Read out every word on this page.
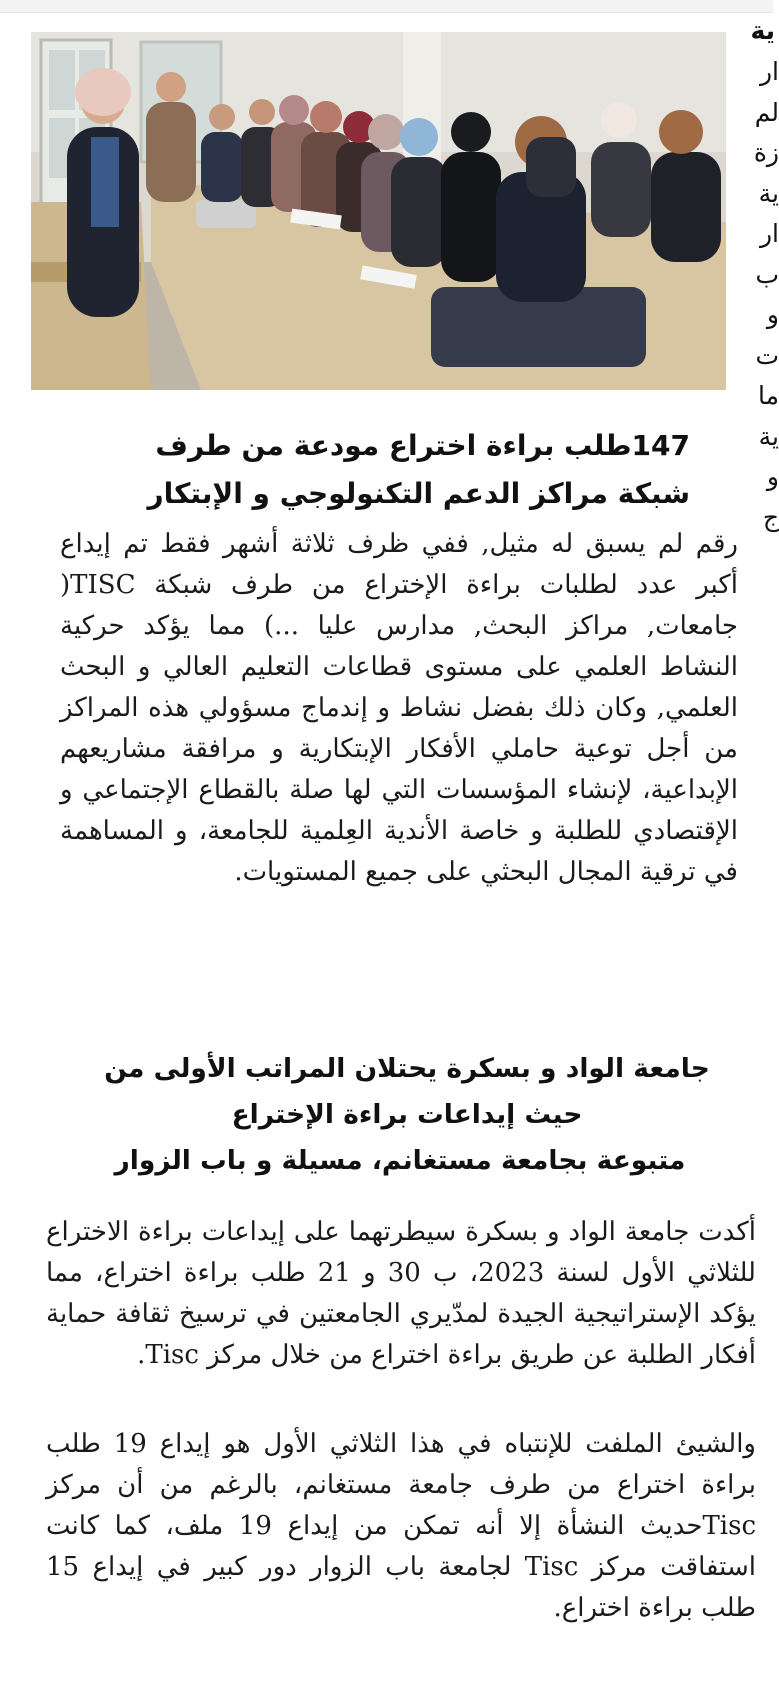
ية
ار
لم
زة
ية
ار
ب
و
ت
ما
ية
و
ج
147طلب براءة اختراع مودعة من طرف
شبكة مراكز الدعم التكنولوجي و الإبتكار

رقم لم يسبق له مثيل, ففي ظرف ثلاثة أشهر فقط تم إيداع أكبر عدد لطلبات براءة الإختراع من طرف شبكة TISC( جامعات, مراكز البحث, مدارس عليا ...) مما يؤكد حركية النشاط العلمي على مستوى قطاعات التعليم العالي و البحث العلمي, وكان ذلك بفضل نشاط و إندماج مسؤولي هذه المراكز من أجل توعية حاملي الأفكار الإبتكارية و مرافقة مشاريعهم الإبداعية، لإنشاء المؤسسات التي لها صلة بالقطاع الإجتماعي و الإقتصادي للطلبة و خاصة الأندية العِلمية للجامعة، و المساهمة في ترقية المجال البحثي على جميع المستويات.

جامعة الواد و بسكرة يحتلان المراتب الأولى من
حيث إيداعات براءة الإختراع
متبوعة بجامعة مستغانم، مسيلة و باب الزوار

أكدت جامعة الواد و بسكرة سيطرتهما على إيداعات براءة الاختراع للثلاثي الأول لسنة 2023، ب 30 و 21 طلب براءة اختراع، مما يؤكد الإستراتيجية الجيدة لمدّيري الجامعتين في ترسيخ ثقافة حماية أفكار الطلبة عن طريق براءة اختراع من خلال مركز Tisc.

والشيئ الملفت للإنتباه في هذا الثلاثي الأول هو إيداع 19 طلب براءة اختراع من طرف جامعة مستغانم، بالرغم من أن مركز Tiscحديث النشأة إلا أنه تمكن من إيداع 19 ملف، كما كانت استفاقت مركز Tisc لجامعة باب الزوار دور كبير في إيداع 15 طلب براءة اختراع.
